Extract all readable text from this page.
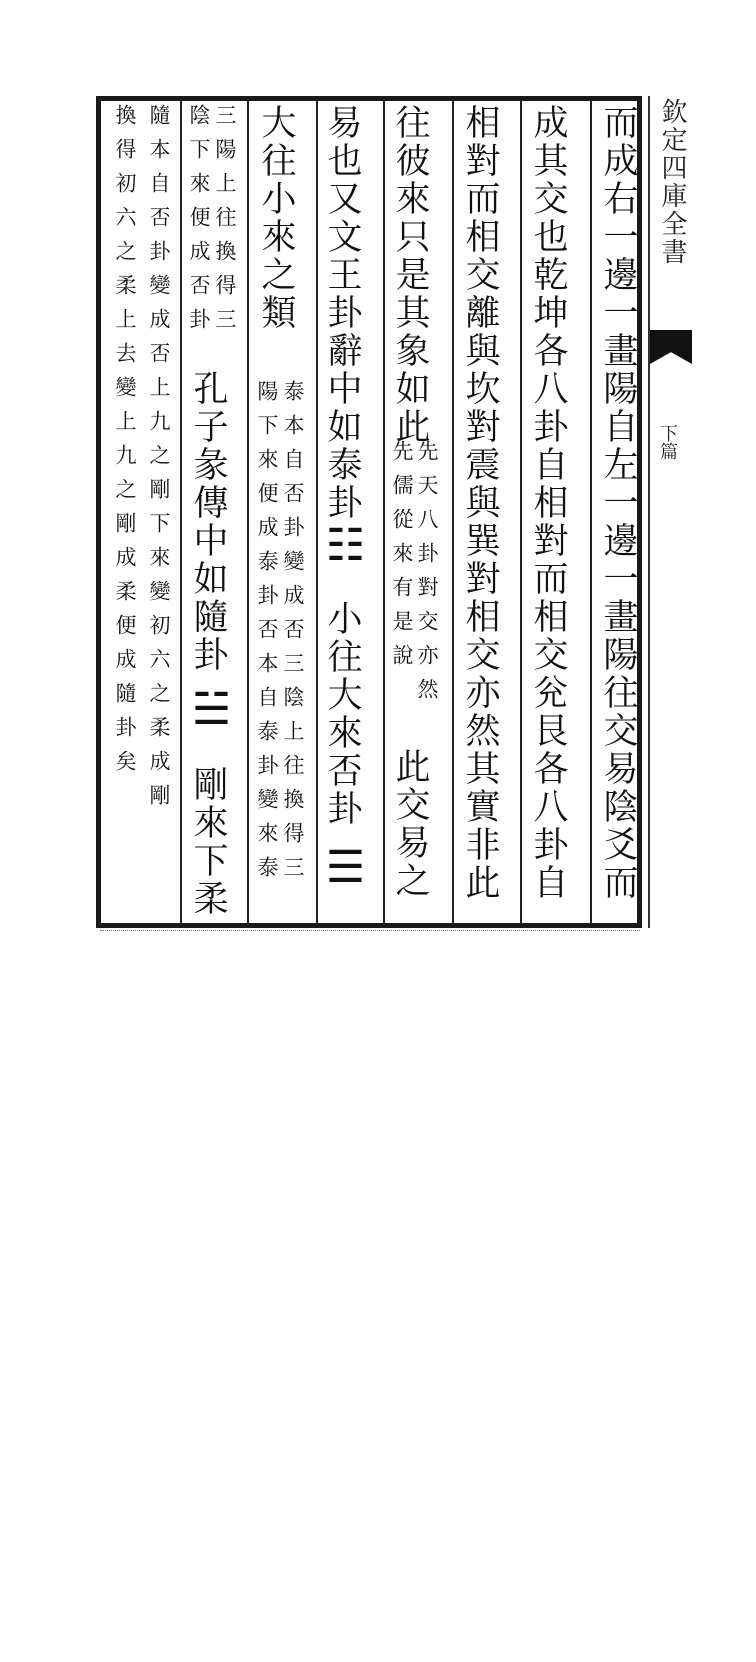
欽定四庫全書
下篇
而成右一邊一畫陽自左一邊一畫陽往交易陰爻而
成其交也乾坤各八卦自相對而相交兊艮各八卦自
相對而相交離與坎對震與巽對相交亦然其實非此
往彼來只是其象如此
先天八卦對交亦然
先儒從來有是說
此交易之
易也又文王卦辭中如泰卦
☷
小往大來否卦
☰
大往小來之類
泰本自否卦變成否三陰上往換得三
陽下來便成泰卦否本自泰卦變來泰
三陽上往換得三
陰下來便成否卦
孔子彖傳中如隨卦
☱
剛來下柔
隨本自否卦變成否上九之剛下來變初六之柔成剛
換得初六之柔上去變上九之剛成柔便成隨卦矣
